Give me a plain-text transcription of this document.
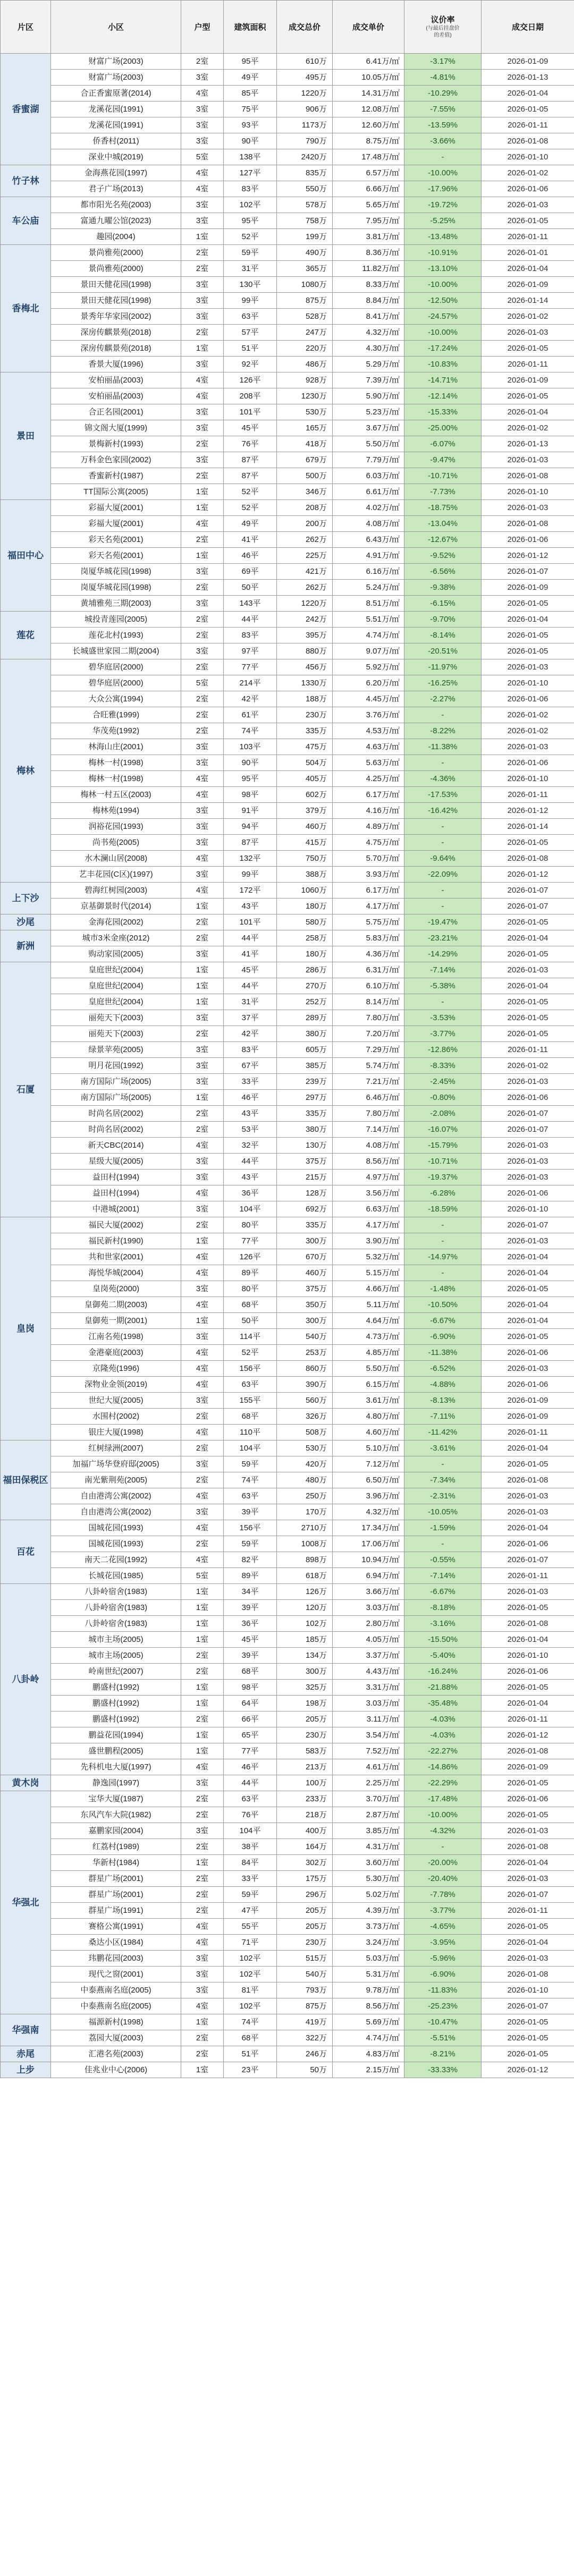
片区	小区	户型	建筑面积	成交总价	成交单价	议价率
(与最后挂盘价
的差值)	成交日期
香蜜湖	财富广场(2003)	2室	95平	610万	6.41万/㎡	-3.17%	2026-01-09
	财富广场(2003)	3室	49平	495万	10.05万/㎡	-4.81%	2026-01-13
	合正香蜜原著(2014)	4室	85平	1220万	14.31万/㎡	-10.29%	2026-01-04
	龙溪花园(1991)	3室	75平	906万	12.08万/㎡	-7.55%	2026-01-05
	龙溪花园(1991)	3室	93平	1173万	12.60万/㎡	-13.59%	2026-01-11
	侨香村(2011)	3室	90平	790万	8.75万/㎡	-3.66%	2026-01-08
	深业中城(2019)	5室	138平	2420万	17.48万/㎡	-	2026-01-10
竹子林	金海燕花园(1997)	4室	127平	835万	6.57万/㎡	-10.00%	2026-01-02
	君子广场(2013)	4室	83平	550万	6.66万/㎡	-17.96%	2026-01-06
车公庙	都市阳光名苑(2003)	3室	102平	578万	5.65万/㎡	-19.72%	2026-01-03
	富通九曜公馆(2023)	3室	95平	758万	7.95万/㎡	-5.25%	2026-01-05
	趣园(2004)	1室	52平	199万	3.81万/㎡	-13.48%	2026-01-11
香梅北	景尚雅苑(2000)	2室	59平	490万	8.36万/㎡	-10.91%	2026-01-01
	景尚雅苑(2000)	2室	31平	365万	11.82万/㎡	-13.10%	2026-01-04
	景田天健花园(1998)	3室	130平	1080万	8.33万/㎡	-10.00%	2026-01-09
	景田天健花园(1998)	3室	99平	875万	8.84万/㎡	-12.50%	2026-01-14
	景秀年华家园(2002)	3室	63平	528万	8.41万/㎡	-24.57%	2026-01-02
	深房传麒景苑(2018)	2室	57平	247万	4.32万/㎡	-10.00%	2026-01-03
	深房传麒景苑(2018)	1室	51平	220万	4.30万/㎡	-17.24%	2026-01-05
	香景大厦(1996)	3室	92平	486万	5.29万/㎡	-10.83%	2026-01-11
景田	安柏丽晶(2003)	4室	126平	928万	7.39万/㎡	-14.71%	2026-01-09
	安柏丽晶(2003)	4室	208平	1230万	5.90万/㎡	-12.14%	2026-01-05
	合正名园(2001)	3室	101平	530万	5.23万/㎡	-15.33%	2026-01-04
	锦文阁大厦(1999)	3室	45平	165万	3.67万/㎡	-25.00%	2026-01-02
	景梅新村(1993)	2室	76平	418万	5.50万/㎡	-6.07%	2026-01-13
	万科金色家园(2002)	3室	87平	679万	7.79万/㎡	-9.47%	2026-01-03
	香蜜新村(1987)	2室	87平	500万	6.03万/㎡	-10.71%	2026-01-08
	TT国际公寓(2005)	1室	52平	346万	6.61万/㎡	-7.73%	2026-01-10
福田中心	彩福大厦(2001)	1室	52平	208万	4.02万/㎡	-18.75%	2026-01-03
	彩福大厦(2001)	4室	49平	200万	4.08万/㎡	-13.04%	2026-01-08
	彩天名苑(2001)	2室	41平	262万	6.43万/㎡	-12.67%	2026-01-06
	彩天名苑(2001)	1室	46平	225万	4.91万/㎡	-9.52%	2026-01-12
	岗厦华城花园(1998)	3室	69平	421万	6.16万/㎡	-6.56%	2026-01-07
	岗厦华城花园(1998)	2室	50平	262万	5.24万/㎡	-9.38%	2026-01-09
	黄埔雅苑三期(2003)	3室	143平	1220万	8.51万/㎡	-6.15%	2026-01-05
莲花	城投青莲园(2005)	2室	44平	242万	5.51万/㎡	-9.70%	2026-01-04
	莲花北村(1993)	2室	83平	395万	4.74万/㎡	-8.14%	2026-01-05
	长城盛世家园二期(2004)	3室	97平	880万	9.07万/㎡	-20.51%	2026-01-05
梅林	碧华庭居(2000)	2室	77平	456万	5.92万/㎡	-11.97%	2026-01-03
	碧华庭居(2000)	5室	214平	1330万	6.20万/㎡	-16.25%	2026-01-10
	大众公寓(1994)	2室	42平	188万	4.45万/㎡	-2.27%	2026-01-06
	合旺雅(1999)	2室	61平	230万	3.76万/㎡	-	2026-01-02
	华茂苑(1992)	2室	74平	335万	4.53万/㎡	-8.22%	2026-01-02
	林海山庄(2001)	3室	103平	475万	4.63万/㎡	-11.38%	2026-01-03
	梅林一村(1998)	3室	90平	504万	5.63万/㎡	-	2026-01-06
	梅林一村(1998)	4室	95平	405万	4.25万/㎡	-4.36%	2026-01-10
	梅林一村五区(2003)	4室	98平	602万	6.17万/㎡	-17.53%	2026-01-11
	梅林苑(1994)	3室	91平	379万	4.16万/㎡	-16.42%	2026-01-12
	润裕花园(1993)	3室	94平	460万	4.89万/㎡	-	2026-01-14
	尚书苑(2005)	3室	87平	415万	4.75万/㎡	-	2026-01-05
	水木澜山居(2008)	4室	132平	750万	5.70万/㎡	-9.64%	2026-01-08
	艺丰花园(C区)(1997)	3室	99平	388万	3.93万/㎡	-22.09%	2026-01-12
上下沙	碧海红树园(2003)	4室	172平	1060万	6.17万/㎡	-	2026-01-07
	京基御景时代(2014)	1室	43平	180万	4.17万/㎡	-	2026-01-07
沙尾	金海花园(2002)	2室	101平	580万	5.75万/㎡	-19.47%	2026-01-05
新洲	城市3米金座(2012)	2室	44平	258万	5.83万/㎡	-23.21%	2026-01-04
	购动家园(2005)	3室	41平	180万	4.36万/㎡	-14.29%	2026-01-05
石厦	皇庭世纪(2004)	1室	45平	286万	6.31万/㎡	-7.14%	2026-01-03
	皇庭世纪(2004)	1室	44平	270万	6.10万/㎡	-5.38%	2026-01-04
	皇庭世纪(2004)	1室	31平	252万	8.14万/㎡	-	2026-01-05
	丽苑天下(2003)	3室	37平	289万	7.80万/㎡	-3.53%	2026-01-05
	丽苑天下(2003)	2室	42平	380万	7.20万/㎡	-3.77%	2026-01-05
	绿景苹苑(2005)	3室	83平	605万	7.29万/㎡	-12.86%	2026-01-11
	明月花园(1992)	3室	67平	385万	5.74万/㎡	-8.33%	2026-01-02
	南方国际广场(2005)	3室	33平	239万	7.21万/㎡	-2.45%	2026-01-03
	南方国际广场(2005)	1室	46平	297万	6.46万/㎡	-0.80%	2026-01-06
	时尚名居(2002)	2室	43平	335万	7.80万/㎡	-2.08%	2026-01-07
	时尚名居(2002)	2室	53平	380万	7.14万/㎡	-16.07%	2026-01-07
	新天CBC(2014)	4室	32平	130万	4.08万/㎡	-15.79%	2026-01-03
	星级大厦(2005)	3室	44平	375万	8.56万/㎡	-10.71%	2026-01-03
	益田村(1994)	3室	43平	215万	4.97万/㎡	-19.37%	2026-01-03
	益田村(1994)	4室	36平	128万	3.56万/㎡	-6.28%	2026-01-06
	中港城(2001)	3室	104平	692万	6.63万/㎡	-18.59%	2026-01-10
皇岗	福民大厦(2002)	2室	80平	335万	4.17万/㎡	-	2026-01-07
	福民新村(1990)	1室	77平	300万	3.90万/㎡	-	2026-01-03
	共和世家(2001)	4室	126平	670万	5.32万/㎡	-14.97%	2026-01-04
	海悦华城(2004)	4室	89平	460万	5.15万/㎡	-	2026-01-04
	皇岗苑(2000)	3室	80平	375万	4.66万/㎡	-1.48%	2026-01-05
	皇御苑二期(2003)	4室	68平	350万	5.11万/㎡	-10.50%	2026-01-04
	皇御苑一期(2001)	1室	50平	300万	4.64万/㎡	-6.67%	2026-01-04
	江南名苑(1998)	3室	114平	540万	4.73万/㎡	-6.90%	2026-01-05
	金港豪庭(2003)	4室	52平	253万	4.85万/㎡	-11.38%	2026-01-06
	京隆苑(1996)	4室	156平	860万	5.50万/㎡	-6.52%	2026-01-03
	深物业金领(2019)	4室	63平	390万	6.15万/㎡	-4.88%	2026-01-06
	世纪大厦(2005)	3室	155平	560万	3.61万/㎡	-8.13%	2026-01-09
	水围村(2002)	2室	68平	326万	4.80万/㎡	-7.11%	2026-01-09
	银庄大厦(1998)	4室	110平	508万	4.60万/㎡	-11.42%	2026-01-11
福田保税区	红树绿洲(2007)	2室	104平	530万	5.10万/㎡	-3.61%	2026-01-04
	加福广场华登府邸(2005)	3室	59平	420万	7.12万/㎡	-	2026-01-05
	南光紫荆苑(2005)	2室	74平	480万	6.50万/㎡	-7.34%	2026-01-08
	自由港湾公寓(2002)	4室	63平	250万	3.96万/㎡	-2.31%	2026-01-03
	自由港湾公寓(2002)	3室	39平	170万	4.32万/㎡	-10.05%	2026-01-03
百花	国城花园(1993)	4室	156平	2710万	17.34万/㎡	-1.59%	2026-01-04
	国城花园(1993)	2室	59平	1008万	17.06万/㎡	-	2026-01-06
	南天二花园(1992)	4室	82平	898万	10.94万/㎡	-0.55%	2026-01-07
	长城花园(1985)	5室	89平	618万	6.94万/㎡	-7.14%	2026-01-11
八卦岭	八卦岭宿舍(1983)	1室	34平	126万	3.66万/㎡	-6.67%	2026-01-03
	八卦岭宿舍(1983)	1室	39平	120万	3.03万/㎡	-8.18%	2026-01-05
	八卦岭宿舍(1983)	1室	36平	102万	2.80万/㎡	-3.16%	2026-01-08
	城市主场(2005)	1室	45平	185万	4.05万/㎡	-15.50%	2026-01-04
	城市主场(2005)	2室	39平	134万	3.37万/㎡	-5.40%	2026-01-10
	岭南世纪(2007)	2室	68平	300万	4.43万/㎡	-16.24%	2026-01-06
	鹏盛村(1992)	1室	98平	325万	3.31万/㎡	-21.88%	2026-01-05
	鹏盛村(1992)	1室	64平	198万	3.03万/㎡	-35.48%	2026-01-04
	鹏盛村(1992)	2室	66平	205万	3.11万/㎡	-4.03%	2026-01-11
	鹏益花园(1994)	1室	65平	230万	3.54万/㎡	-4.03%	2026-01-12
	盛世鹏程(2005)	1室	77平	583万	7.52万/㎡	-22.27%	2026-01-08
	先科机电大厦(1997)	4室	46平	213万	4.61万/㎡	-14.86%	2026-01-09
黄木岗	静逸园(1997)	3室	44平	100万	2.25万/㎡	-22.29%	2026-01-05
华强北	宝华大厦(1987)	2室	63平	233万	3.70万/㎡	-17.48%	2026-01-06
	东风汽车大院(1982)	2室	76平	218万	2.87万/㎡	-10.00%	2026-01-05
	嘉鹏家园(2004)	3室	104平	400万	3.85万/㎡	-4.32%	2026-01-03
	红荔村(1989)	2室	38平	164万	4.31万/㎡	-	2026-01-08
	华新村(1984)	1室	84平	302万	3.60万/㎡	-20.00%	2026-01-04
	群星广场(2001)	2室	33平	175万	5.30万/㎡	-20.40%	2026-01-03
	群星广场(2001)	2室	59平	296万	5.02万/㎡	-7.78%	2026-01-07
	群星广场(1991)	2室	47平	205万	4.39万/㎡	-3.77%	2026-01-11
	赛格公寓(1991)	4室	55平	205万	3.73万/㎡	-4.65%	2026-01-05
	桑达小区(1984)	4室	71平	230万	3.24万/㎡	-3.95%	2026-01-04
	玮鹏花园(2003)	3室	102平	515万	5.03万/㎡	-5.96%	2026-01-03
	现代之窗(2001)	3室	102平	540万	5.31万/㎡	-6.90%	2026-01-08
	中泰燕南名庭(2005)	3室	81平	793万	9.78万/㎡	-11.83%	2026-01-10
	中泰燕南名庭(2005)	4室	102平	875万	8.56万/㎡	-25.23%	2026-01-07
华强南	福源新村(1998)	1室	74平	419万	5.69万/㎡	-10.47%	2026-01-05
	荔园大厦(2003)	2室	68平	322万	4.74万/㎡	-5.51%	2026-01-05
赤尾	汇港名苑(2003)	2室	51平	246万	4.83万/㎡	-8.21%	2026-01-05
上步	佳兆业中心(2006)	1室	23平	50万	2.15万/㎡	-33.33%	2026-01-12
